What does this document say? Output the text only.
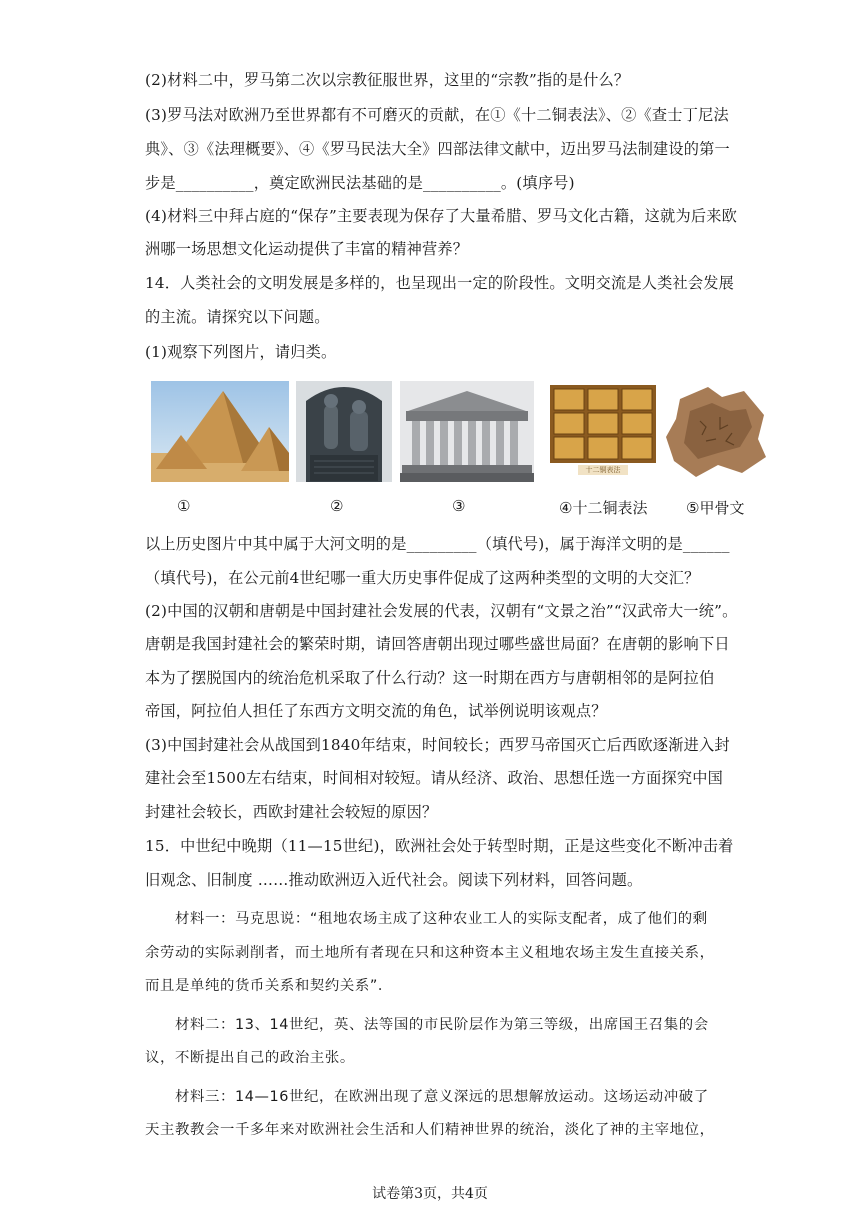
(2)材料二中，罗马第二次以宗教征服世界，这里的“宗教”指的是什么？
(3)罗马法对欧洲乃至世界都有不可磨灭的贡献，在①《十二铜表法》、②《查士丁尼法
典》、③《法理概要》、④《罗马民法大全》四部法律文献中，迈出罗马法制建设的第一
步是__________，奠定欧洲民法基础的是__________。(填序号)
(4)材料三中拜占庭的“保存”主要表现为保存了大量希腊、罗马文化古籍，这就为后来欧
洲哪一场思想文化运动提供了丰富的精神营养？
14．人类社会的文明发展是多样的，也呈现出一定的阶段性。文明交流是人类社会发展
的主流。请探究以下问题。
(1)观察下列图片，请归类。
十二铜表法
①	②	③	④十二铜表法	⑤甲骨文
以上历史图片中其中属于大河文明的是_________（填代号)，属于海洋文明的是______
（填代号)，在公元前4世纪哪一重大历史事件促成了这两种类型的文明的大交汇？
(2)中国的汉朝和唐朝是中国封建社会发展的代表，汉朝有“文景之治”“汉武帝大一统”。
唐朝是我国封建社会的繁荣时期，请回答唐朝出现过哪些盛世局面？在唐朝的影响下日
本为了摆脱国内的统治危机采取了什么行动？这一时期在西方与唐朝相邻的是阿拉伯
帝国，阿拉伯人担任了东西方文明交流的角色，试举例说明该观点？
(3)中国封建社会从战国到1840年结束，时间较长；西罗马帝国灭亡后西欧逐渐进入封
建社会至1500左右结束，时间相对较短。请从经济、政治、思想任选一方面探究中国
封建社会较长，西欧封建社会较短的原因？
15．中世纪中晚期（11—15世纪)，欧洲社会处于转型时期，正是这些变化不断冲击着
旧观念、旧制度 ……推动欧洲迈入近代社会。阅读下列材料，回答问题。
材料一：马克思说：“租地农场主成了这种农业工人的实际支配者，成了他们的剩
余劳动的实际剥削者，而土地所有者现在只和这种资本主义租地农场主发生直接关系，
而且是单纯的货币关系和契约关系”．
材料二：13、14世纪，英、法等国的市民阶层作为第三等级，出席国王召集的会
议，不断提出自己的政治主张。
材料三：14—16世纪，在欧洲出现了意义深远的思想解放运动。这场运动冲破了
天主教教会一千多年来对欧洲社会生活和人们精神世界的统治，淡化了神的主宰地位，
试卷第3页，共4页
